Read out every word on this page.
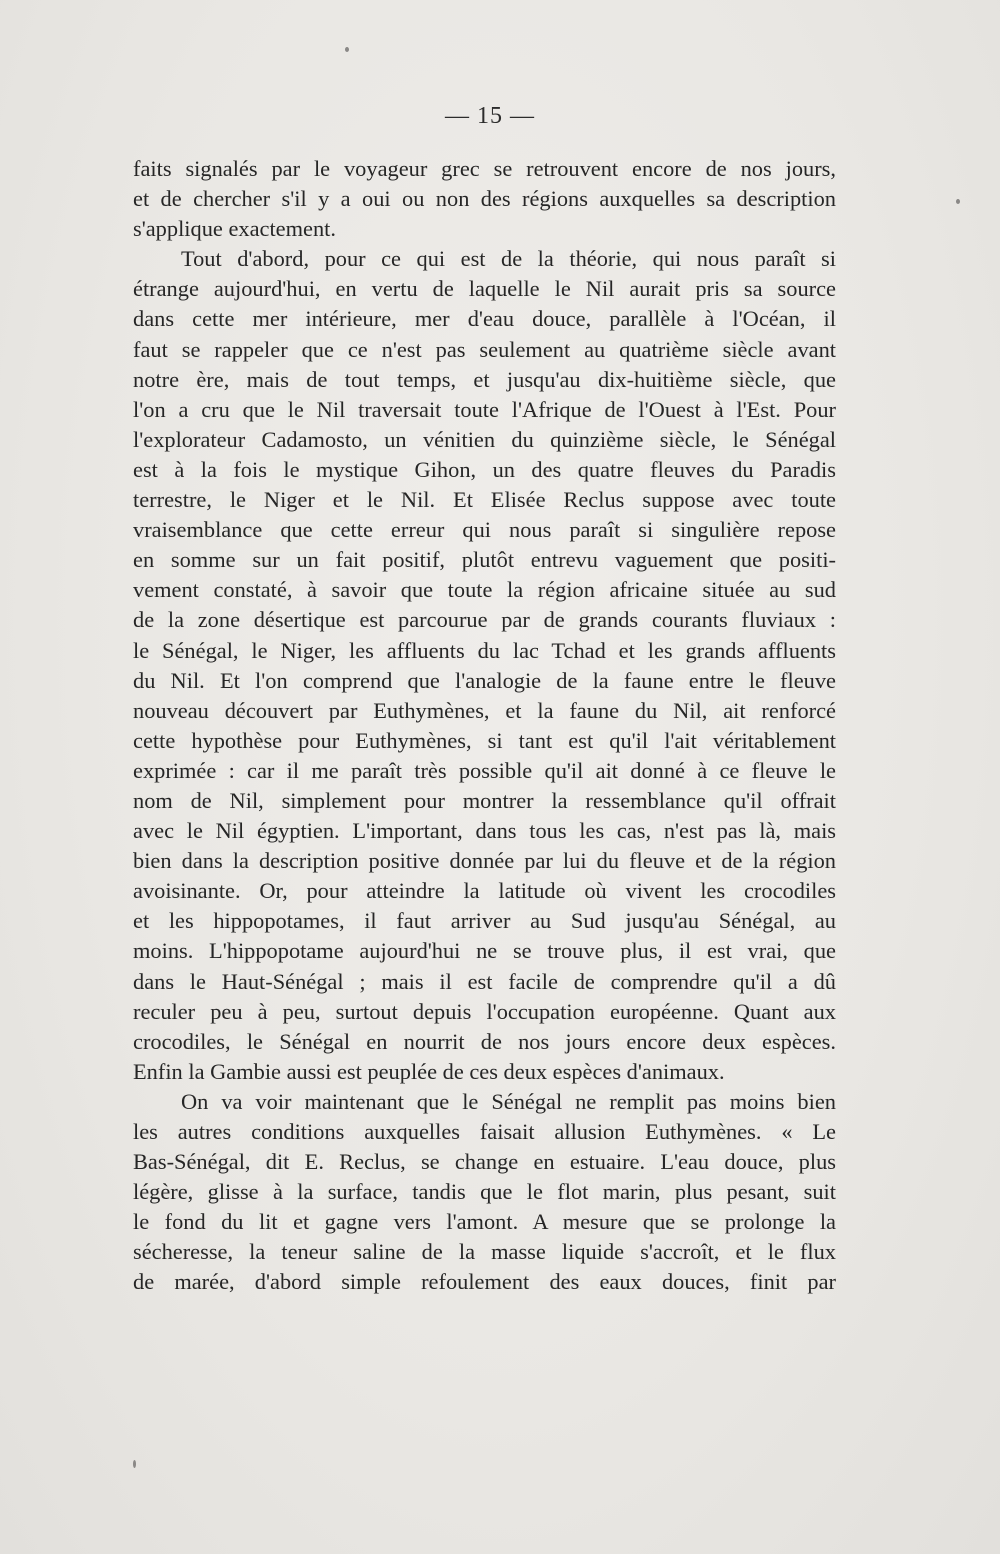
— 15 —
faits signalés par le voyageur grec se retrouvent encore de nos jours,
et de chercher s'il y a oui ou non des régions auxquelles sa description
s'applique exactement.
Tout d'abord, pour ce qui est de la théorie, qui nous paraît si
étrange aujourd'hui, en vertu de laquelle le Nil aurait pris sa source
dans cette mer intérieure, mer d'eau douce, parallèle à l'Océan, il
faut se rappeler que ce n'est pas seulement au quatrième siècle avant
notre ère, mais de tout temps, et jusqu'au dix-huitième siècle, que
l'on a cru que le Nil traversait toute l'Afrique de l'Ouest à l'Est. Pour
l'explorateur Cadamosto, un vénitien du quinzième siècle, le Sénégal
est à la fois le mystique Gihon, un des quatre fleuves du Paradis
terrestre, le Niger et le Nil. Et Elisée Reclus suppose avec toute
vraisemblance que cette erreur qui nous paraît si singulière repose
en somme sur un fait positif, plutôt entrevu vaguement que positi-
vement constaté, à savoir que toute la région africaine située au sud
de la zone désertique est parcourue par de grands courants fluviaux :
le Sénégal, le Niger, les affluents du lac Tchad et les grands affluents
du Nil. Et l'on comprend que l'analogie de la faune entre le fleuve
nouveau découvert par Euthymènes, et la faune du Nil, ait renforcé
cette hypothèse pour Euthymènes, si tant est qu'il l'ait véritablement
exprimée : car il me paraît très possible qu'il ait donné à ce fleuve le
nom de Nil, simplement pour montrer la ressemblance qu'il offrait
avec le Nil égyptien. L'important, dans tous les cas, n'est pas là, mais
bien dans la description positive donnée par lui du fleuve et de la région
avoisinante. Or, pour atteindre la latitude où vivent les crocodiles
et les hippopotames, il faut arriver au Sud jusqu'au Sénégal, au
moins. L'hippopotame aujourd'hui ne se trouve plus, il est vrai, que
dans le Haut-Sénégal ; mais il est facile de comprendre qu'il a dû
reculer peu à peu, surtout depuis l'occupation européenne. Quant aux
crocodiles, le Sénégal en nourrit de nos jours encore deux espèces.
Enfin la Gambie aussi est peuplée de ces deux espèces d'animaux.
On va voir maintenant que le Sénégal ne remplit pas moins bien
les autres conditions auxquelles faisait allusion Euthymènes. « Le
Bas-Sénégal, dit E. Reclus, se change en estuaire. L'eau douce, plus
légère, glisse à la surface, tandis que le flot marin, plus pesant, suit
le fond du lit et gagne vers l'amont. A mesure que se prolonge la
sécheresse, la teneur saline de la masse liquide s'accroît, et le flux
de marée, d'abord simple refoulement des eaux douces, finit par
